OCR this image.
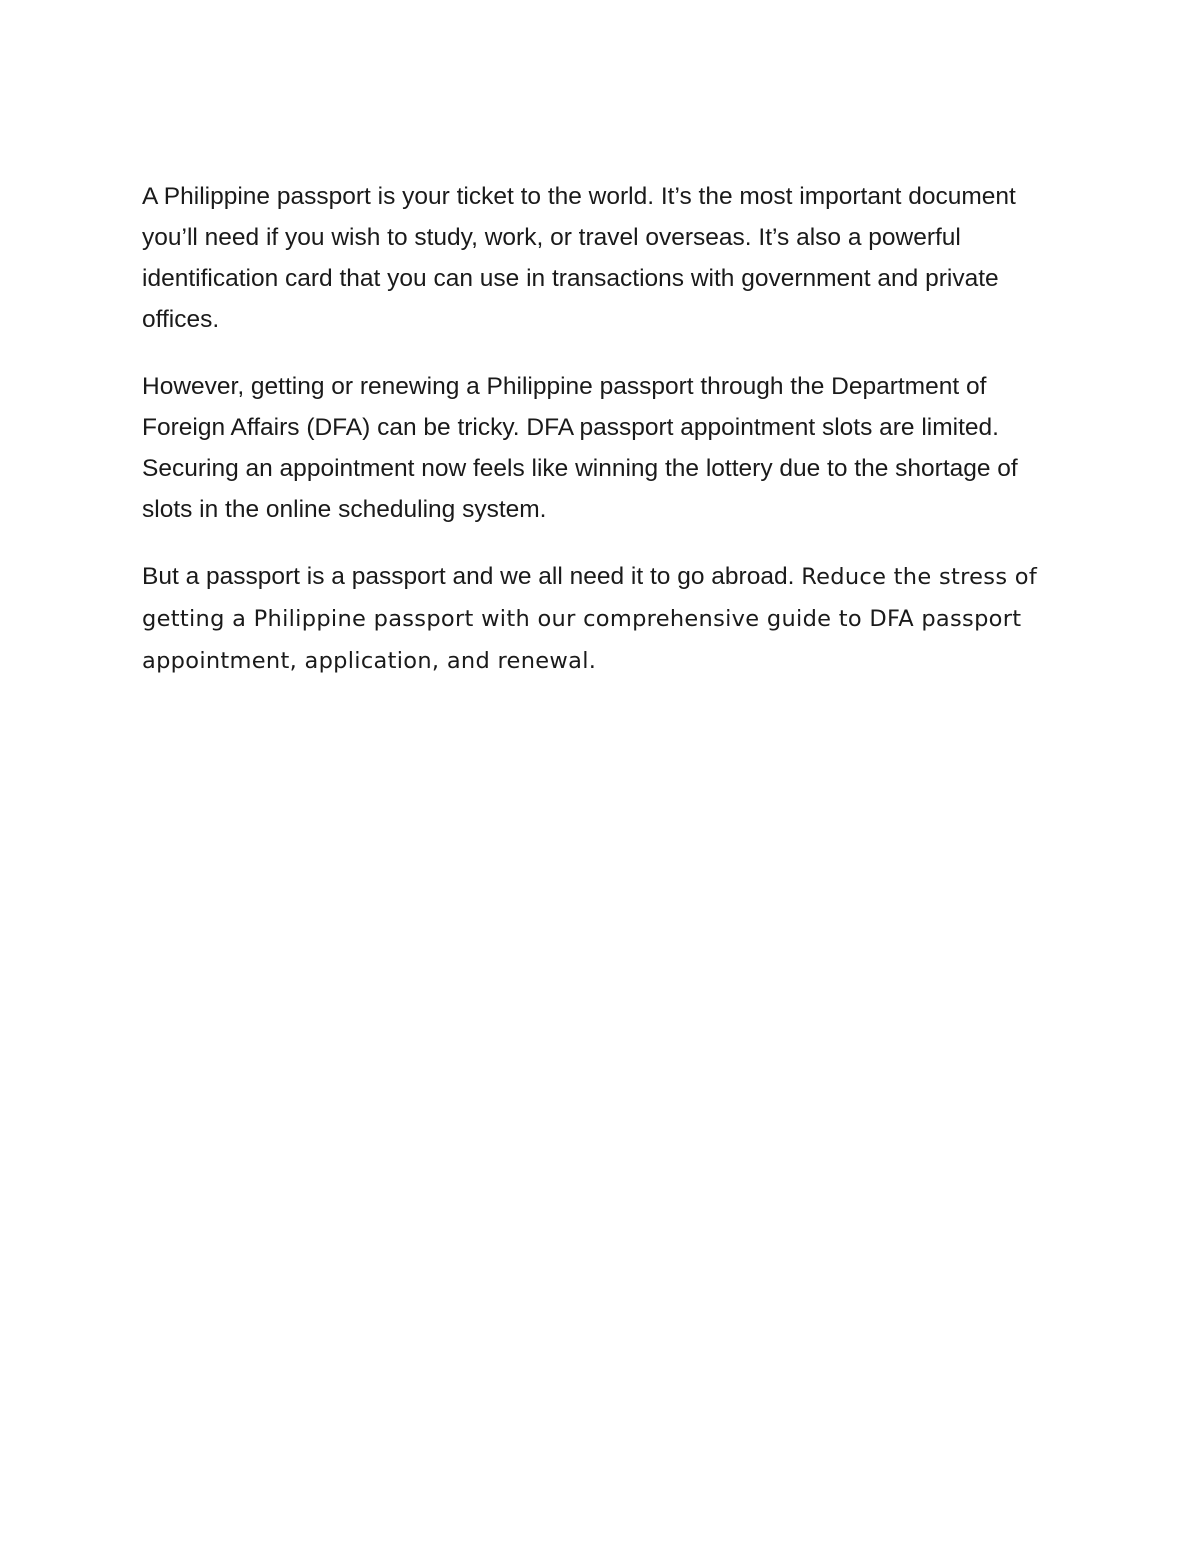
A Philippine passport is your ticket to the world. It’s the most important document you’ll need if you wish to study, work, or travel overseas. It’s also a powerful identification card that you can use in transactions with government and private offices.

However, getting or renewing a Philippine passport through the Department of Foreign Affairs (DFA) can be tricky. DFA passport appointment slots are limited. Securing an appointment now feels like winning the lottery due to the shortage of slots in the online scheduling system.

But a passport is a passport and we all need it to go abroad. Reduce the stress of getting a Philippine passport with our comprehensive guide to DFA passport appointment, application, and renewal.
